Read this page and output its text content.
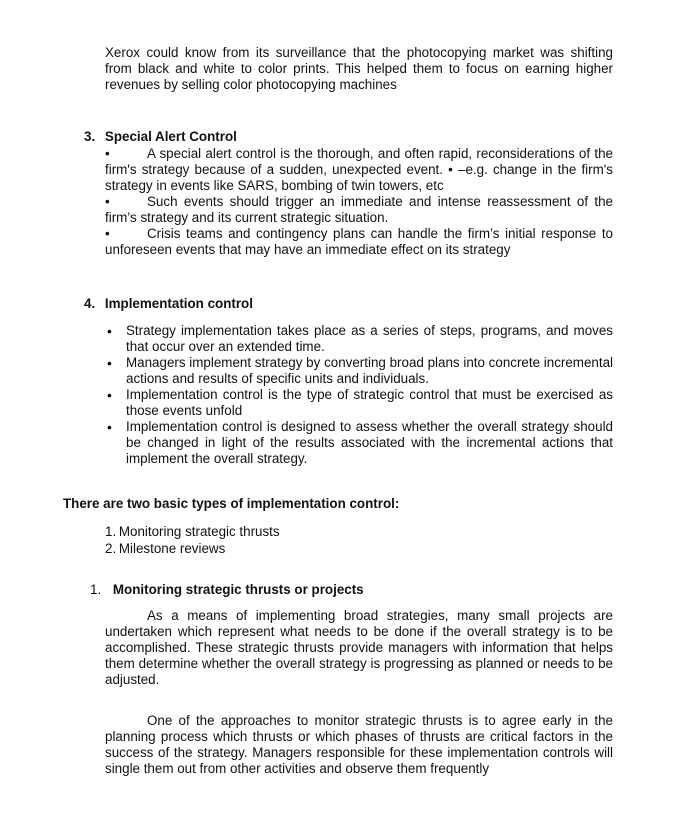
Xerox could know from its surveillance that the photocopying market was shifting from black and white to color prints. This helped them to focus on earning higher revenues by selling color photocopying machines

3. Special Alert Control

•	A special alert control is the thorough, and often rapid, reconsiderations of the firm's strategy because of a sudden, unexpected event. • –e.g. change in the firm's strategy in events like SARS, bombing of twin towers, etc

•	Such events should trigger an immediate and intense reassessment of the firm’s strategy and its current strategic situation.

•	Crisis teams and contingency plans can handle the firm’s initial response to unforeseen events that may have an immediate effect on its strategy

4. Implementation control
• Strategy implementation takes place as a series of steps, programs, and moves that occur over an extended time.
• Managers implement strategy by converting broad plans into concrete incremental actions and results of specific units and individuals.
• Implementation control is the type of strategic control that must be exercised as those events unfold
• Implementation control is designed to assess whether the overall strategy should be changed in light of the results associated with the incremental actions that implement the overall strategy.
There are two basic types of implementation control:
1. Monitoring strategic thrusts
2. Milestone reviews
1. Monitoring strategic thrusts or projects

As a means of implementing broad strategies, many small projects are undertaken which represent what needs to be done if the overall strategy is to be accomplished. These strategic thrusts provide managers with information that helps them determine whether the overall strategy is progressing as planned or needs to be adjusted.

One of the approaches to monitor strategic thrusts is to agree early in the planning process which thrusts or which phases of thrusts are critical factors in the success of the strategy. Managers responsible for these implementation controls will single them out from other activities and observe them frequently
